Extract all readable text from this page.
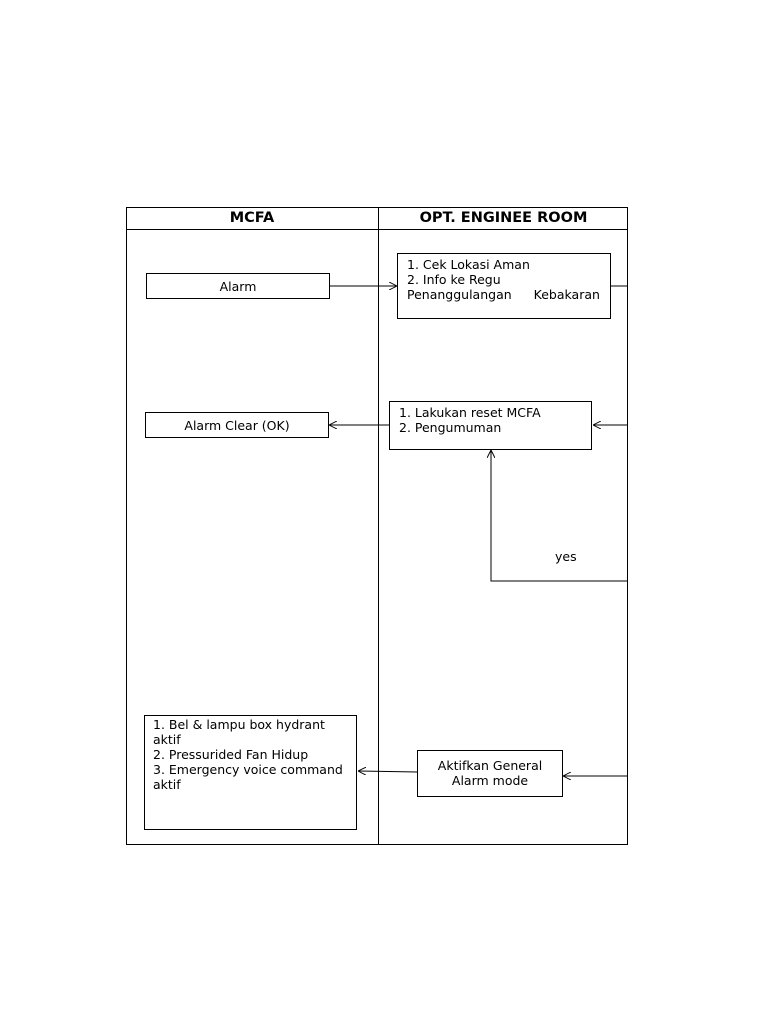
MCFA	OPT. ENGINEE ROOM
Alarm
1. Cek Lokasi Aman
2. Info ke Regu
Penanggulangan Kebakaran
Alarm Clear (OK)
1. Lakukan reset MCFA
2. Pengumuman
yes
Aktifkan General
Alarm mode
1. Bel & lampu box hydrant
aktif
2. Pressurided Fan Hidup
3. Emergency voice command
aktif
